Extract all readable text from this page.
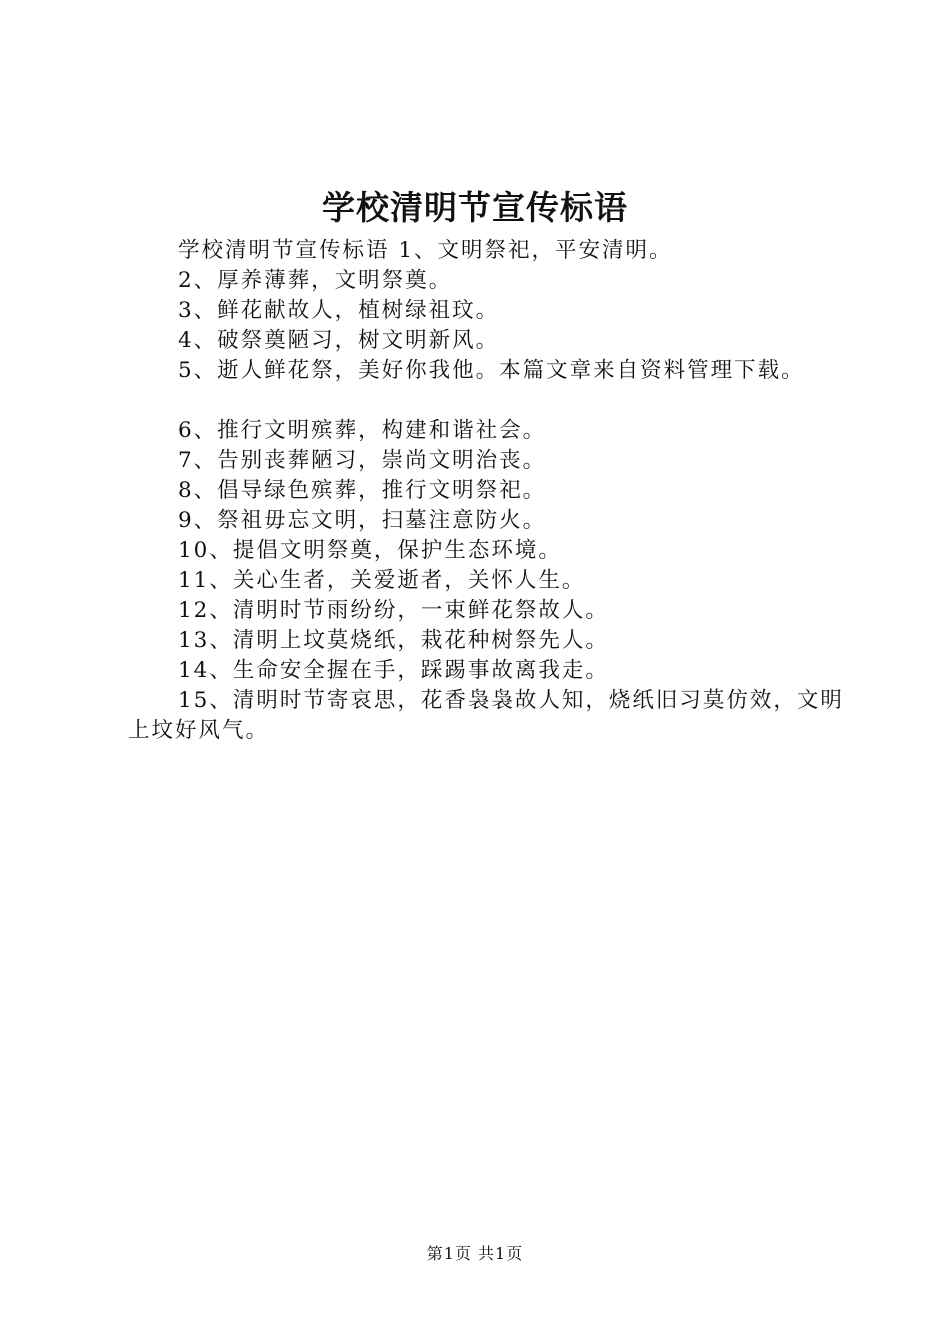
学校清明节宣传标语

学校清明节宣传标语 1、文明祭祀，平安清明。

2、厚养薄葬，文明祭奠。

3、鲜花献故人，植树绿祖玟。

4、破祭奠陋习，树文明新风。

5、逝人鲜花祭，美好你我他。本篇文章来自资料管理下载。

6、推行文明殡葬，构建和谐社会。

7、告别丧葬陋习，崇尚文明治丧。

8、倡导绿色殡葬，推行文明祭祀。

9、祭祖毋忘文明，扫墓注意防火。

10、提倡文明祭奠，保护生态环境。

11、关心生者，关爱逝者，关怀人生。

12、清明时节雨纷纷，一束鲜花祭故人。

13、清明上坟莫烧纸，栽花种树祭先人。

14、生命安全握在手，踩踢事故离我走。

15、清明时节寄哀思，花香袅袅故人知，烧纸旧习莫仿效，文明上坟好风气。

第1页 共1页
